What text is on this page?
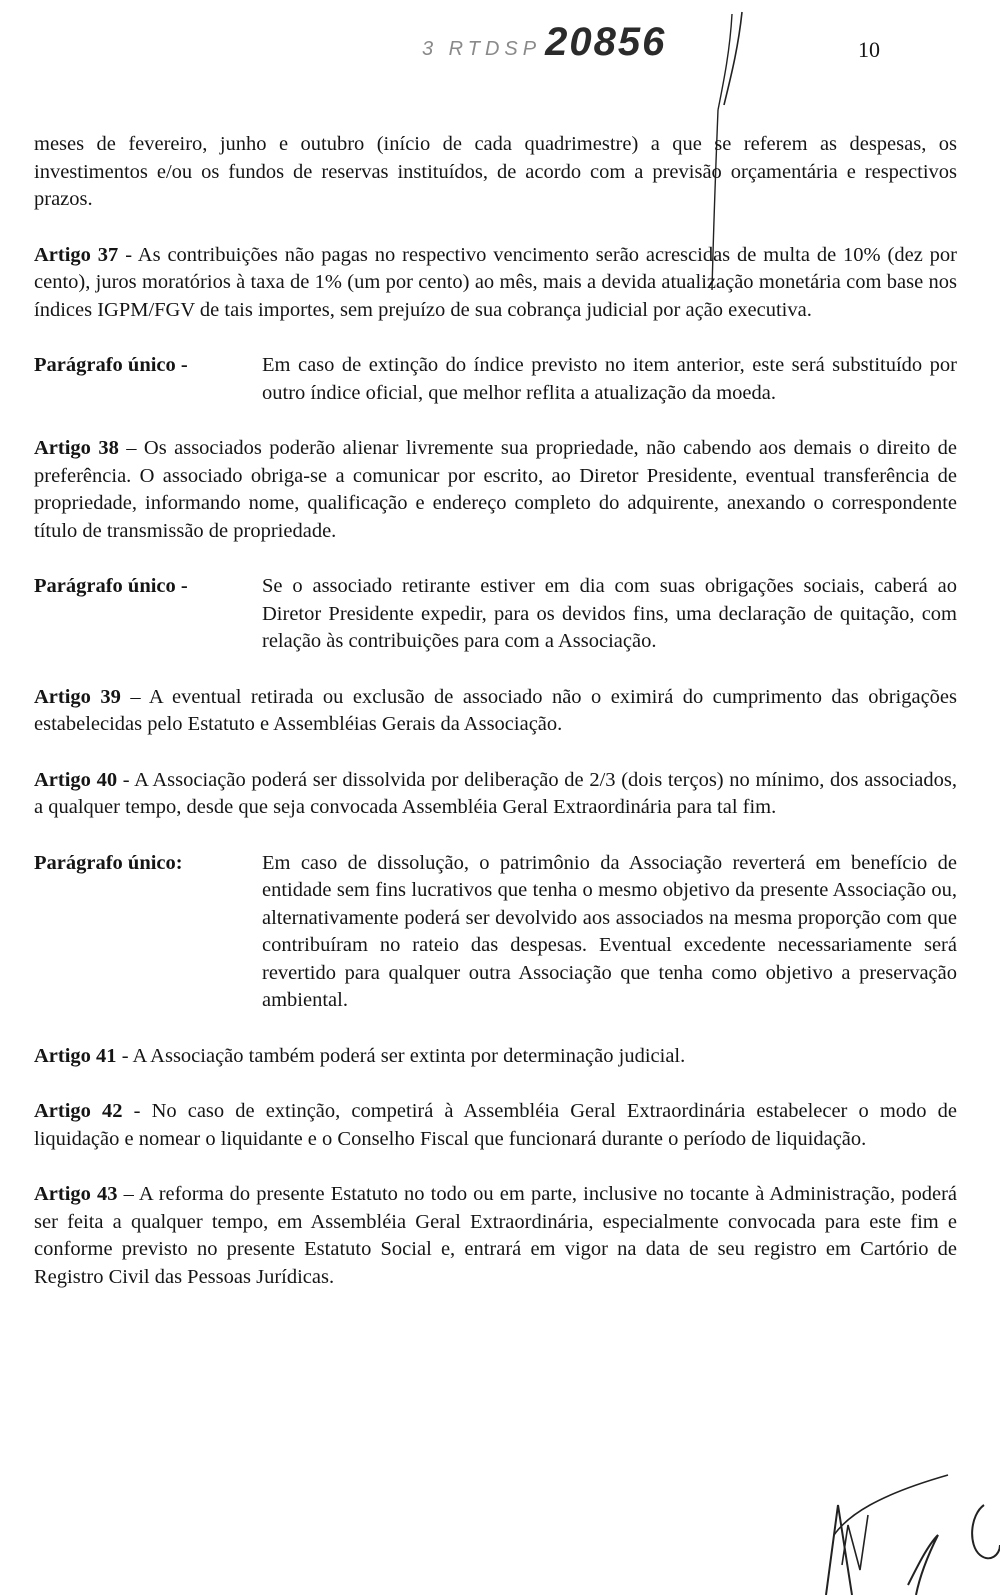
3 RTDSP 20856	10

meses de fevereiro, junho e outubro (início de cada quadrimestre) a que se referem as despesas, os investimentos e/ou os fundos de reservas instituídos, de acordo com a previsão orçamentária e respectivos prazos.

Artigo 37 - As contribuições não pagas no respectivo vencimento serão acrescidas de multa de 10% (dez por cento), juros moratórios à taxa de 1% (um por cento) ao mês, mais a devida atualização monetária com base nos índices IGPM/FGV de tais importes, sem prejuízo de sua cobrança judicial por ação executiva.

Parágrafo único -	Em caso de extinção do índice previsto no item anterior, este será substituído por outro índice oficial, que melhor reflita a atualização da moeda.

Artigo 38 – Os associados poderão alienar livremente sua propriedade, não cabendo aos demais o direito de preferência. O associado obriga-se a comunicar por escrito, ao Diretor Presidente, eventual transferência de propriedade, informando nome, qualificação e endereço completo do adquirente, anexando o correspondente título de transmissão de propriedade.

Parágrafo único -	Se o associado retirante estiver em dia com suas obrigações sociais, caberá ao Diretor Presidente expedir, para os devidos fins, uma declaração de quitação, com relação às contribuições para com a Associação.

Artigo 39 – A eventual retirada ou exclusão de associado não o eximirá do cumprimento das obrigações estabelecidas pelo Estatuto e Assembléias Gerais da Associação.

Artigo 40 - A Associação poderá ser dissolvida por deliberação de 2/3 (dois terços) no mínimo, dos associados, a qualquer tempo, desde que seja convocada Assembléia Geral Extraordinária para tal fim.

Parágrafo único:	Em caso de dissolução, o patrimônio da Associação reverterá em benefício de entidade sem fins lucrativos que tenha o mesmo objetivo da presente Associação ou, alternativamente poderá ser devolvido aos associados na mesma proporção com que contribuíram no rateio das despesas. Eventual excedente necessariamente será revertido para qualquer outra Associação que tenha como objetivo a preservação ambiental.

Artigo 41 - A Associação também poderá ser extinta por determinação judicial.

Artigo 42 - No caso de extinção, competirá à Assembléia Geral Extraordinária estabelecer o modo de liquidação e nomear o liquidante e o Conselho Fiscal que funcionará durante o período de liquidação.

Artigo 43 – A reforma do presente Estatuto no todo ou em parte, inclusive no tocante à Administração, poderá ser feita a qualquer tempo, em Assembléia Geral Extraordinária, especialmente convocada para este fim e conforme previsto no presente Estatuto Social e, entrará em vigor na data de seu registro em Cartório de Registro Civil das Pessoas Jurídicas.
